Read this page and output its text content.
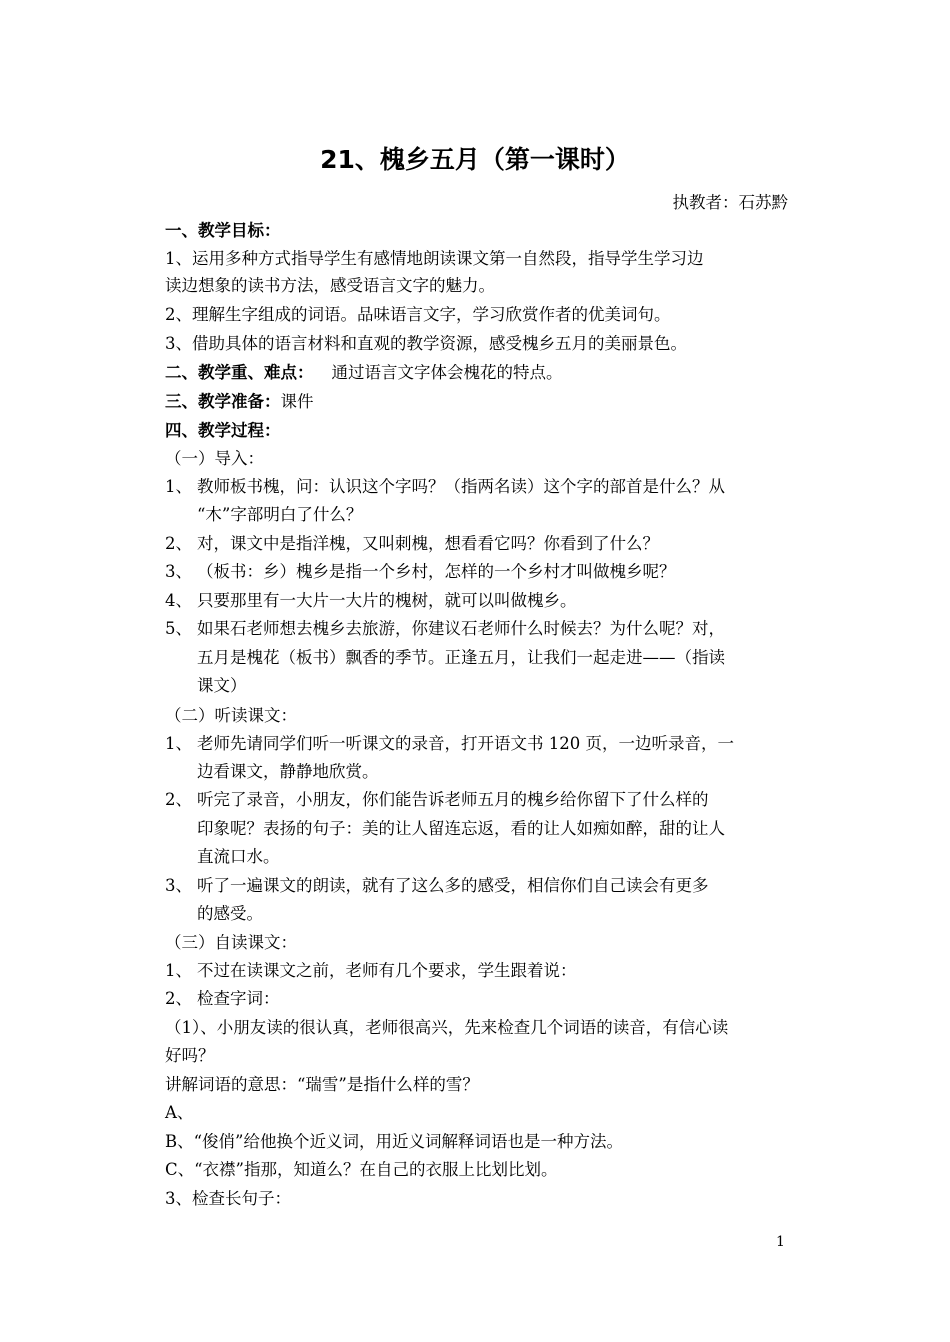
21、槐乡五月（第一课时）
执教者：石苏黔
一、教学目标：
1、运用多种方式指导学生有感情地朗读课文第一自然段，指导学生学习边
读边想象的读书方法，感受语言文字的魅力。
2、理解生字组成的词语。品味语言文字，学习欣赏作者的优美词句。
3、借助具体的语言材料和直观的教学资源，感受槐乡五月的美丽景色。
二、教学重、难点： 通过语言文字体会槐花的特点。
三、教学准备：课件
四、教学过程：
（一）导入：
1、 教师板书槐，问：认识这个字吗？（指两名读）这个字的部首是什么？从
“木”字部明白了什么？
2、 对，课文中是指洋槐，又叫刺槐，想看看它吗？你看到了什么？
3、 （板书：乡）槐乡是指一个乡村，怎样的一个乡村才叫做槐乡呢？
4、 只要那里有一大片一大片的槐树，就可以叫做槐乡。
5、 如果石老师想去槐乡去旅游，你建议石老师什么时候去？为什么呢？对，
五月是槐花（板书）飘香的季节。正逢五月，让我们一起走进——（指读
课文）
（二）听读课文：
1、 老师先请同学们听一听课文的录音，打开语文书 120 页，一边听录音，一
边看课文，静静地欣赏。
2、 听完了录音，小朋友，你们能告诉老师五月的槐乡给你留下了什么样的
印象呢？表扬的句子：美的让人留连忘返，看的让人如痴如醉，甜的让人
直流口水。
3、 听了一遍课文的朗读，就有了这么多的感受，相信你们自己读会有更多
的感受。
（三）自读课文：
1、 不过在读课文之前，老师有几个要求，学生跟着说：
2、 检查字词：
（1）、小朋友读的很认真，老师很高兴，先来检查几个词语的读音，有信心读
好吗？
讲解词语的意思：“瑞雪”是指什么样的雪？
A、
B、“俊俏”给他换个近义词，用近义词解释词语也是一种方法。
C、“衣襟”指那，知道么？在自己的衣服上比划比划。
3、检查长句子：
1
